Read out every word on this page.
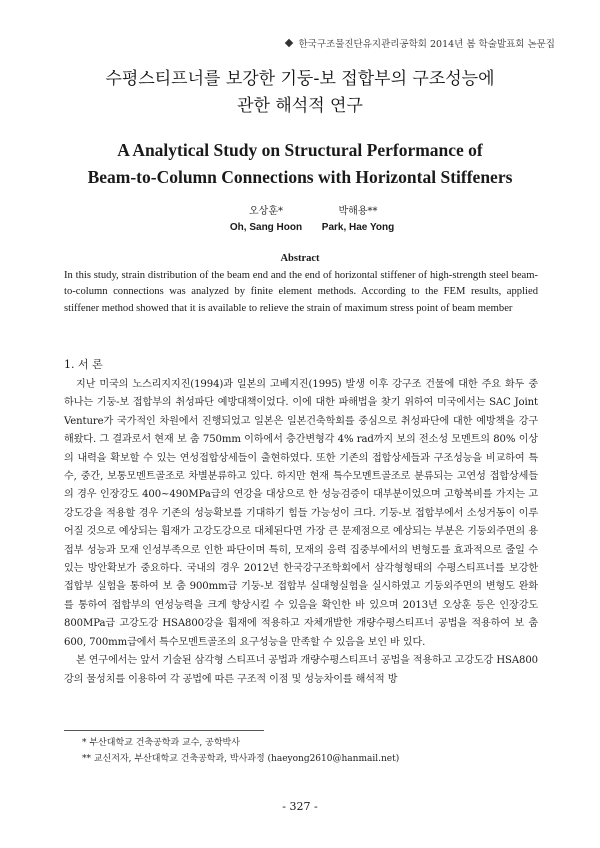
한국구조물진단유지관리공학회 2014년 봄 학술발표회 논문집
수평스티프너를 보강한 기둥-보 접합부의 구조성능에
관한 해석적 연구
A Analytical Study on Structural Performance of
Beam-to-Column Connections with Horizontal Stiffeners
오상훈*
Oh, Sang Hoon
박해용**
Park, Hae Yong
Abstract
In this study, strain distribution of the beam end and the end of horizontal stiffener of high-strength steel beam-to-column connections was analyzed by finite element methods. According to the FEM results, applied stiffener method showed that it is available to relieve the strain of maximum stress point of beam member
1. 서 론

지난 미국의 노스리지지진(1994)과 일본의 고베지진(1995) 발생 이후 강구조 건물에 대한 주요 화두 중 하나는 기둥-보 접합부의 취성파단 예방대책이었다. 이에 대한 파해법을 찾기 위하여 미국에서는 SAC Joint Venture가 국가적인 차원에서 진행되었고 일본은 일본건축학회를 중심으로 취성파단에 대한 예방책을 강구해왔다. 그 결과로서 현재 보 춤 750mm 이하에서 층간변형각 4% rad까지 보의 전소성 모멘트의 80% 이상의 내력을 확보할 수 있는 연성접합상세들이 출현하였다. 또한 기존의 접합상세들과 구조성능을 비교하여 특수, 중간, 보통모멘트골조로 차별분류하고 있다. 하지만 현재 특수모멘트골조로 분류되는 고연성 접합상세들의 경우 인장강도 400~490MPa급의 연강을 대상으로 한 성능검증이 대부분이었으며 고항복비를 가지는 고강도강을 적용할 경우 기존의 성능확보를 기대하기 힘들 가능성이 크다. 기둥-보 접합부에서 소성거동이 이루어질 것으로 예상되는 휨재가 고강도강으로 대체된다면 가장 큰 문제점으로 예상되는 부분은 기둥외주면의 용접부 성능과 모재 인성부족으로 인한 파단이며 특히, 모재의 응력 집중부에서의 변형도를 효과적으로 줄일 수 있는 방안확보가 중요하다. 국내의 경우 2012년 한국강구조학회에서 삼각형형태의 수평스티프너를 보강한 접합부 실험을 통하여 보 춤 900mm급 기둥-보 접합부 실대형실험을 실시하였고 기둥외주면의 변형도 완화를 통하여 접합부의 연성능력을 크게 향상시킬 수 있음을 확인한 바 있으며 2013년 오상훈 등은 인장강도 800MPa급 고강도강 HSA800강을 휨재에 적용하고 자체개발한 개량수평스티프너 공법을 적용하여 보 춤 600, 700mm급에서 특수모멘트골조의 요구성능을 만족할 수 있음을 보인 바 있다.

본 연구에서는 앞서 기술된 삼각형 스티프너 공법과 개량수평스티프너 공법을 적용하고 고강도강 HSA800강의 물성치를 이용하여 각 공법에 따른 구조적 이점 및 성능차이를 해석적 방

* 부산대학교 건축공학과 교수, 공학박사
** 교신저자, 부산대학교 건축공학과, 박사과정 (haeyong2610@hanmail.net)
- 327 -
